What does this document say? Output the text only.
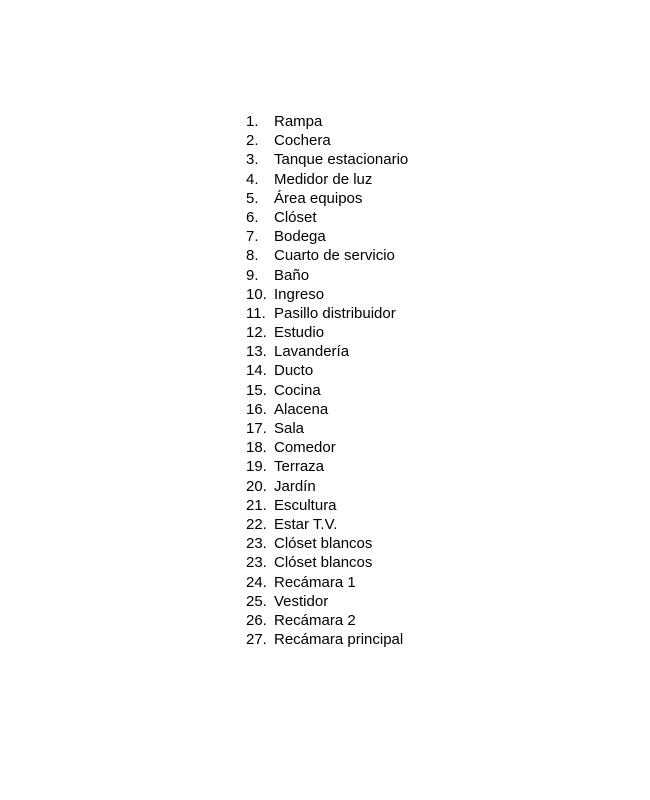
1.	Rampa
2.	Cochera
3.	Tanque estacionario
4.	Medidor de luz
5.	Área equipos
6.	Clóset
7.	Bodega
8.	Cuarto de servicio
9.	Baño
10. Ingreso
11. Pasillo distribuidor
12. Estudio
13. Lavandería
14. Ducto
15. Cocina
16. Alacena
17. Sala
18. Comedor
19. Terraza
20. Jardín
21. Escultura
22. Estar T.V.
23. Clóset blancos
23. Clóset blancos
24. Recámara 1
25. Vestidor
26. Recámara 2
27. Recámara principal
